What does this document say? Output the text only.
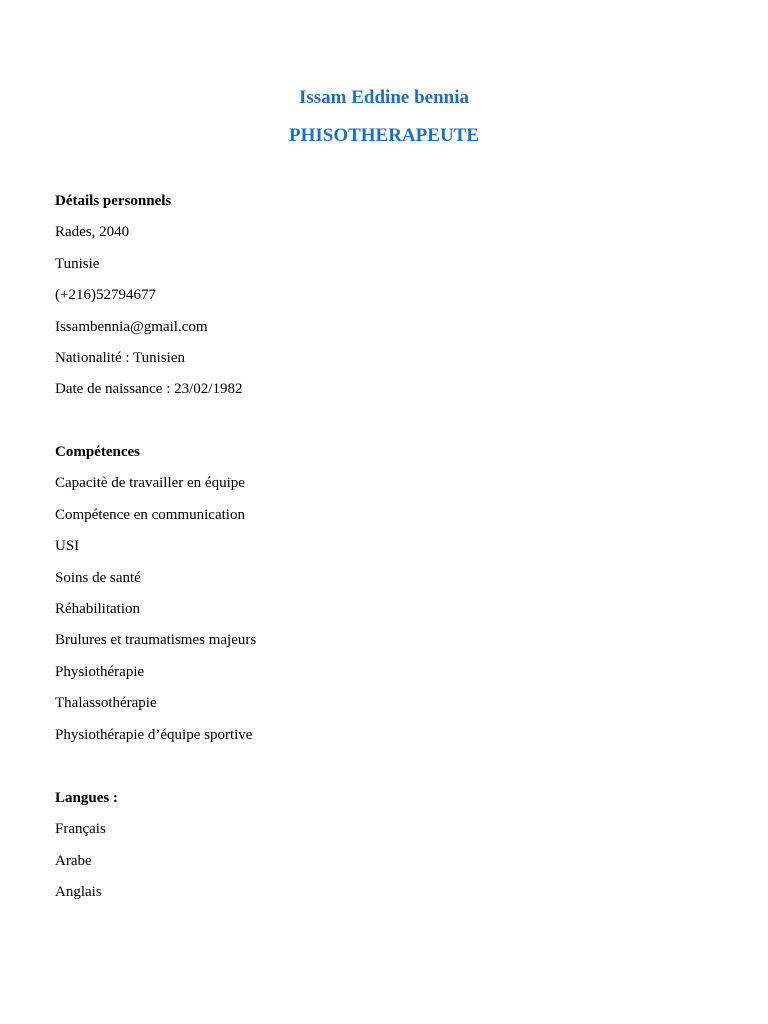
Issam Eddine bennia
PHISOTHERAPEUTE
Détails personnels
Rades, 2040
Tunisie
(+216)52794677
Issambennia@gmail.com
Nationalité : Tunisien
Date de naissance : 23/02/1982
Compétences
Capacitè de travailler en équipe
Compétence en communication
USI
Soins de santé
Réhabilitation
Brulures et traumatismes majeurs
Physiothérapie
Thalassothérapie
Physiothérapie d’équipe sportive
Langues :
Français
Arabe
Anglais
